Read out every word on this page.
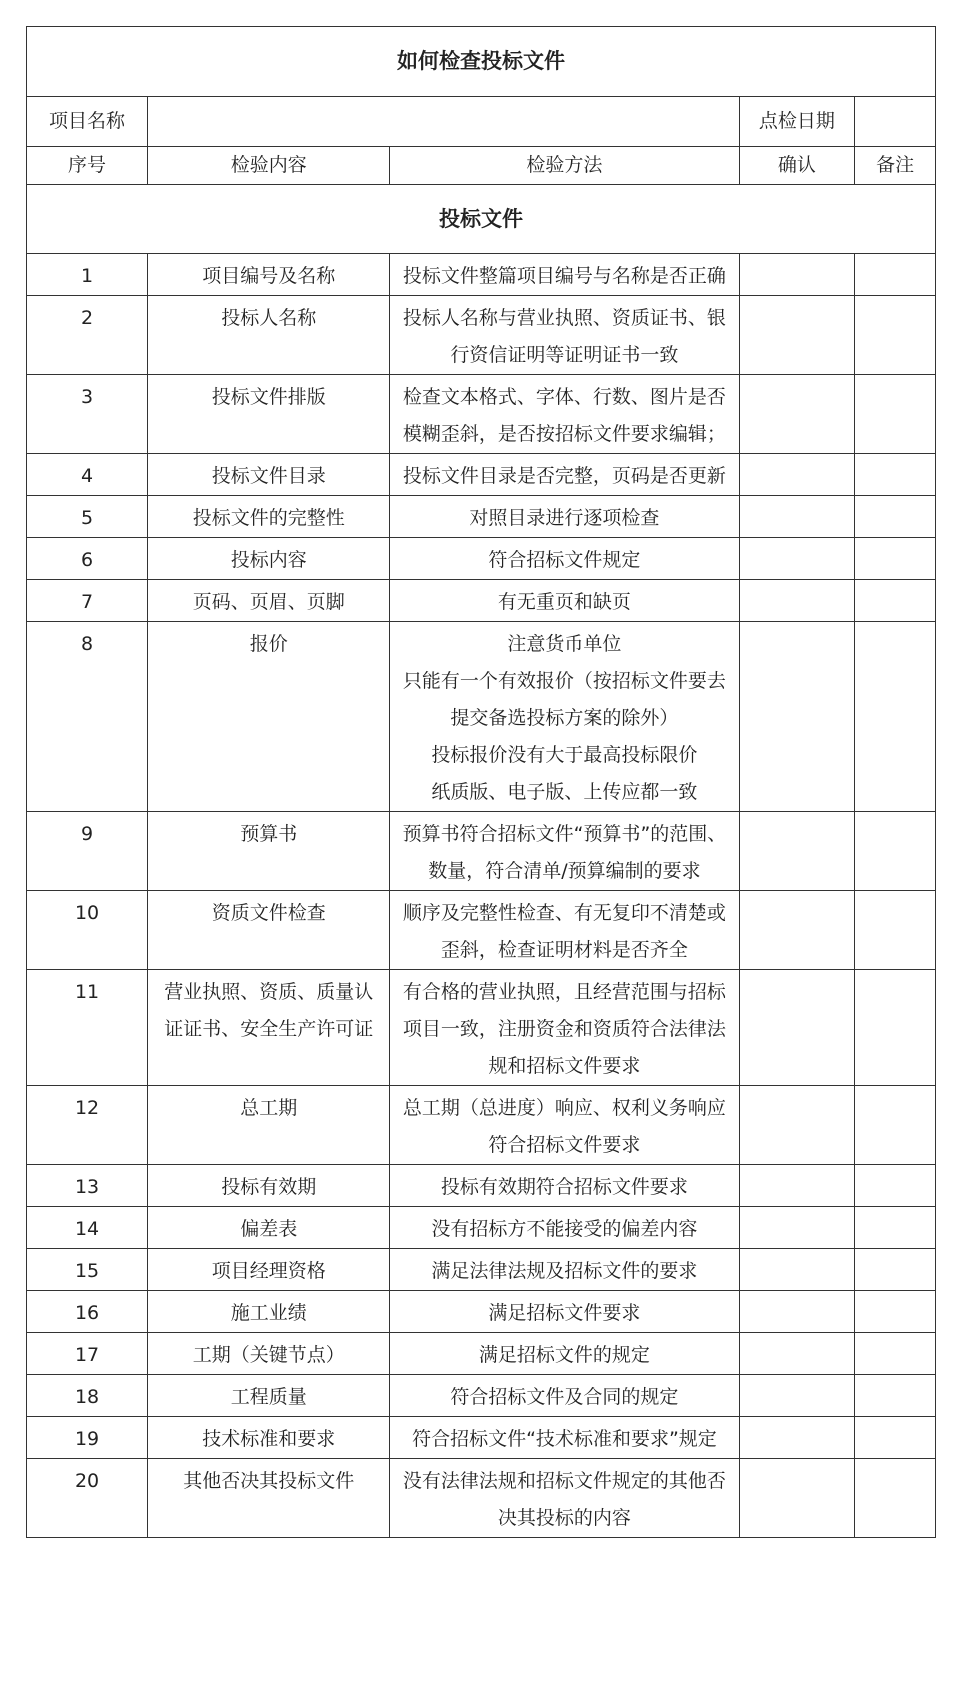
如何检查投标文件				
项目名称			点检日期	
序号	检验内容	检验方法	确认	备注
投标文件				
1	项目编号及名称	投标文件整篇项目编号与名称是否正确		
2	投标人名称	投标人名称与营业执照、资质证书、银行资信证明等证明证书一致		
3	投标文件排版	检查文本格式、字体、行数、图片是否模糊歪斜，是否按招标文件要求编辑；		
4	投标文件目录	投标文件目录是否完整，页码是否更新		
5	投标文件的完整性	对照目录进行逐项检查		
6	投标内容	符合招标文件规定		
7	页码、页眉、页脚	有无重页和缺页		
8	报价	注意货币单位
只能有一个有效报价（按招标文件要去提交备选投标方案的除外）
投标报价没有大于最高投标限价
纸质版、电子版、上传应都一致		

9	预算书	预算书符合招标文件“预算书”的范围、数量，符合清单/预算编制的要求		
10	资质文件检查	顺序及完整性检查、有无复印不清楚或歪斜，检查证明材料是否齐全		
11	营业执照、资质、质量认证证书、安全生产许可证	有合格的营业执照，且经营范围与招标项目一致，注册资金和资质符合法律法规和招标文件要求		
12	总工期	总工期（总进度）响应、权利义务响应符合招标文件要求		
13	投标有效期	投标有效期符合招标文件要求		
14	偏差表	没有招标方不能接受的偏差内容		
15	项目经理资格	满足法律法规及招标文件的要求		
16	施工业绩	满足招标文件要求		
17	工期（关键节点）	满足招标文件的规定		
18	工程质量	符合招标文件及合同的规定		
19	技术标准和要求	符合招标文件“技术标准和要求”规定		
20	其他否决其投标文件	没有法律法规和招标文件规定的其他否决其投标的内容		
